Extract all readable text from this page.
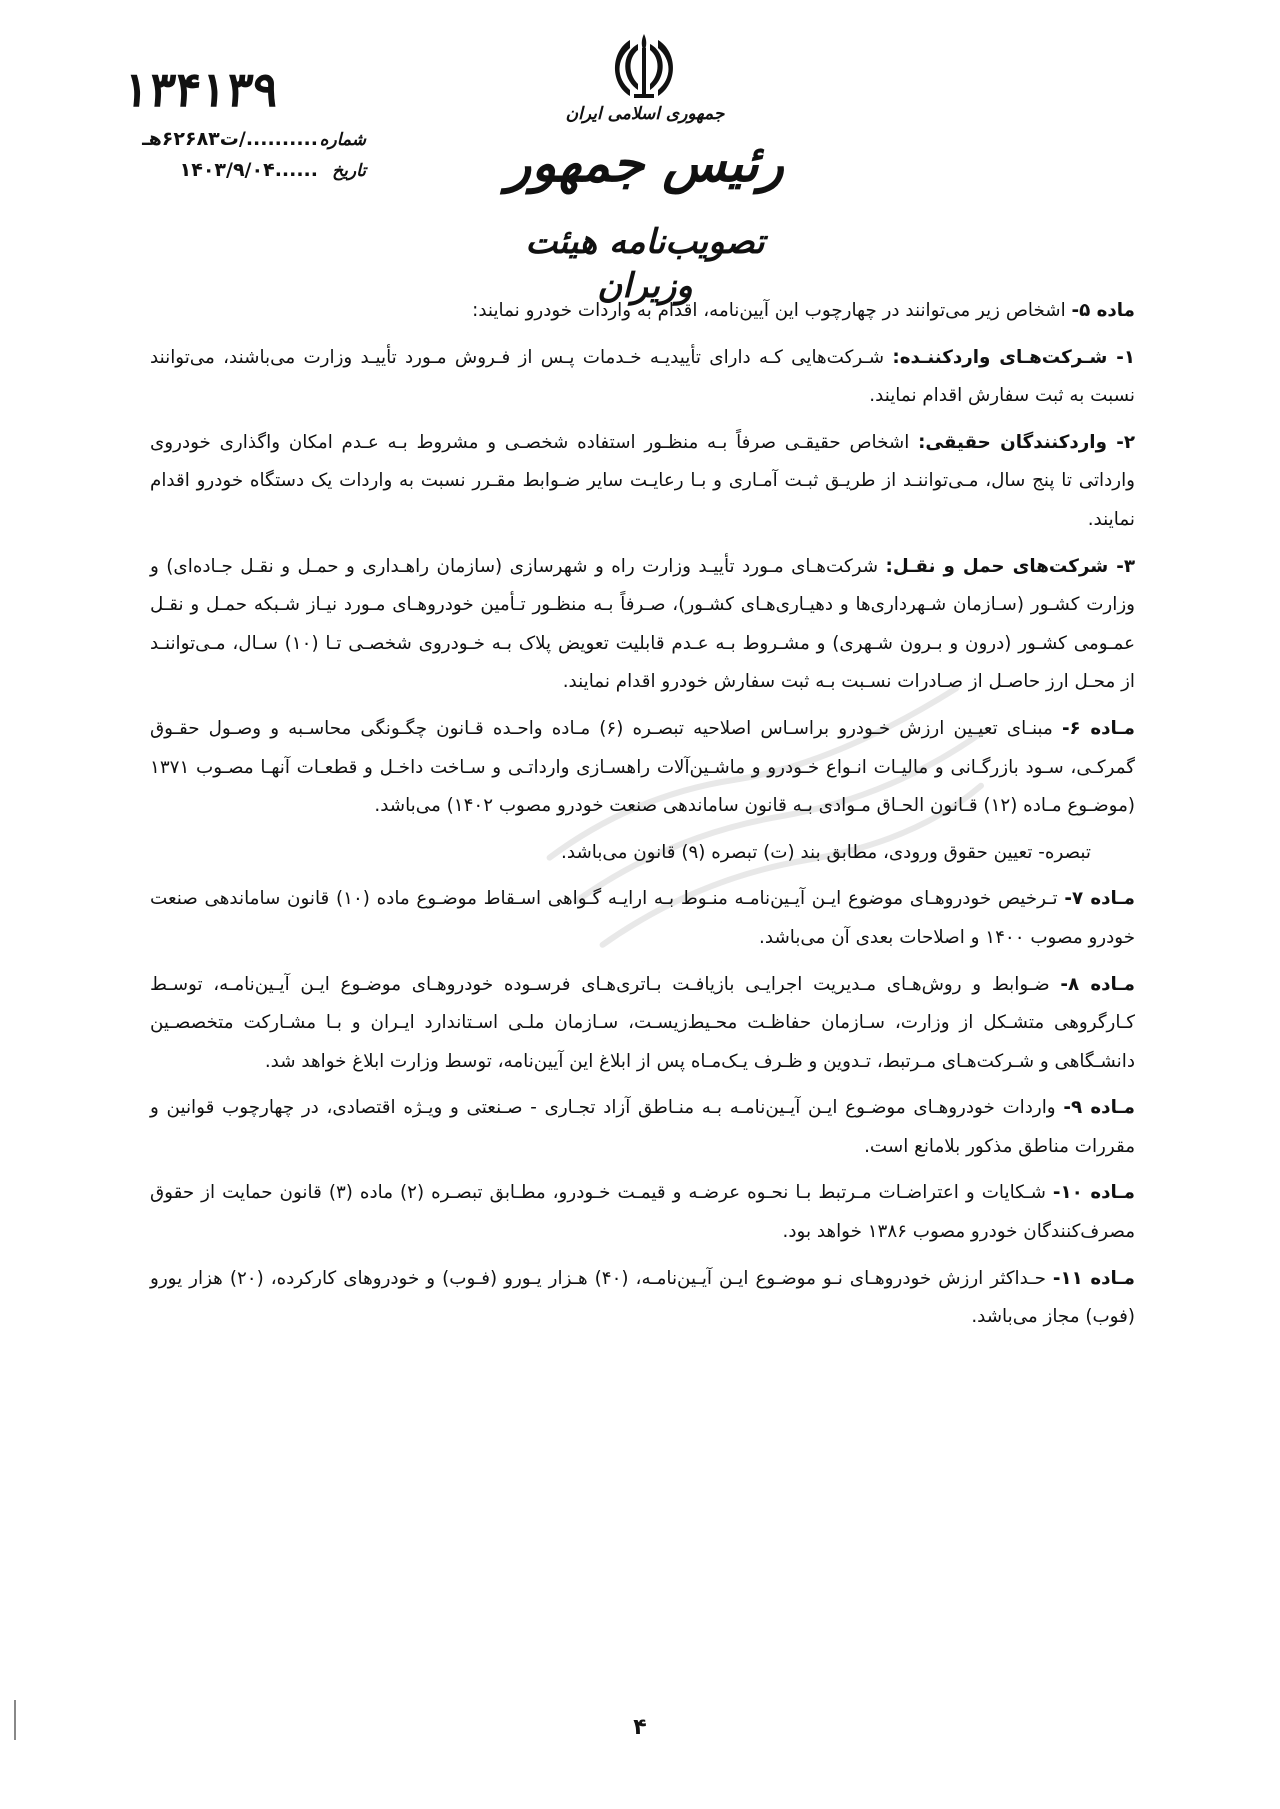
۱۳۴۱۳۹
شماره
........../ت۶۲۶۸۳هـ
تاریخ
......۱۴۰۳/۹/۰۴
جمهوری اسلامی ایران
رئیس جمهور
تصویب‌نامه هیئت وزیران

ماده ۵- اشخاص زیر می‌توانند در چهارچوب این آیین‌نامه، اقدام به واردات خودرو نمایند:

۱- شـرکت‌هـای واردکننـده: شـرکت‌هایی کـه دارای تأییدیـه خـدمات پـس از فـروش مـورد تأییـد وزارت می‌باشند، می‌توانند نسبت به ثبت سفارش اقدام نمایند.

۲- واردکنندگان حقیقی: اشخاص حقیقـی صرفاً بـه منظـور استفاده شخصـی و مشروط بـه عـدم امکان واگذاری خودروی وارداتی تا پنج سال، مـی‌تواننـد از طریـق ثبـت آمـاری و بـا رعایـت سایر ضـوابط مقـرر نسبت به واردات یک دستگاه خودرو اقدام نمایند.

۳- شرکت‌های حمل و نقـل: شرکت‌هـای مـورد تأییـد وزارت راه و شهرسازی (سازمان راهـداری و حمـل و نقـل جـاده‌ای) و وزارت کشـور (سـازمان شـهرداری‌ها و دهیـاری‌هـای کشـور)، صـرفاً بـه منظـور تـأمین خودروهـای مـورد نیـاز شـبکه حمـل و نقـل عمـومی کشـور (درون و بـرون شـهری) و مشـروط بـه عـدم قابلیت تعویض پلاک بـه خـودروی شخصـی تـا (۱۰) سـال، مـی‌تواننـد از محـل ارز حاصـل از صـادرات نسـبت بـه ثبت سفارش خودرو اقدام نمایند.

مـاده ۶- مبنـای تعیـین ارزش خـودرو براسـاس اصلاحیه تبصـره (۶) مـاده واحـده قـانون چگـونگی محاسـبه و وصـول حقـوق گمرکـی، سـود بازرگـانی و مالیـات انـواع خـودرو و ماشـین‌آلات راهسـازی وارداتـی و سـاخت داخـل و قطعـات آنهـا مصـوب ۱۳۷۱ (موضـوع مـاده (۱۲) قـانون الحـاق مـوادی بـه قانون ساماندهی صنعت خودرو مصوب ۱۴۰۲) می‌باشد.

تبصره- تعیین حقوق ورودی، مطابق بند (ت) تبصره (۹) قانون می‌باشد.

مـاده ۷- تـرخیص خودروهـای موضوع ایـن آیـین‌نامـه منـوط بـه ارایـه گـواهی اسـقاط موضـوع ماده (۱۰) قانون ساماندهی صنعت خودرو مصوب ۱۴۰۰ و اصلاحات بعدی آن می‌باشد.

مـاده ۸- ضـوابط و روش‌هـای مـدیریت اجرایـی بازیافـت بـاتری‌هـای فرسـوده خودروهـای موضـوع ایـن آیـین‌نامـه، توسـط کـارگروهی متشـکل از وزارت، سـازمان حفاظـت محـیط‌زیسـت، سـازمان ملـی اسـتاندارد ایـران و بـا مشـارکت متخصصـین دانشـگاهی و شـرکت‌هـای مـرتبط، تـدوین و ظـرف یـک‌مـاه پس از ابلاغ این آیین‌نامه، توسط وزارت ابلاغ خواهد شد.

مـاده ۹- واردات خودروهـای موضـوع ایـن آیـین‌نامـه بـه منـاطق آزاد تجـاری - صـنعتی و ویـژه اقتصادی، در چهارچوب قوانین و مقررات مناطق مذکور بلامانع است.

مـاده ۱۰- شـکایات و اعتراضـات مـرتبط بـا نحـوه عرضـه و قیمـت خـودرو، مطـابق تبصـره (۲) ماده (۳) قانون حمایت از حقوق مصرف‌کنندگان خودرو مصوب ۱۳۸۶ خواهد بود.

مـاده ۱۱- حـداکثر ارزش خودروهـای نـو موضـوع ایـن آیـین‌نامـه، (۴۰) هـزار یـورو (فـوب) و خودروهای کارکرده، (۲۰) هزار یورو (فوب) مجاز می‌باشد.

۴
